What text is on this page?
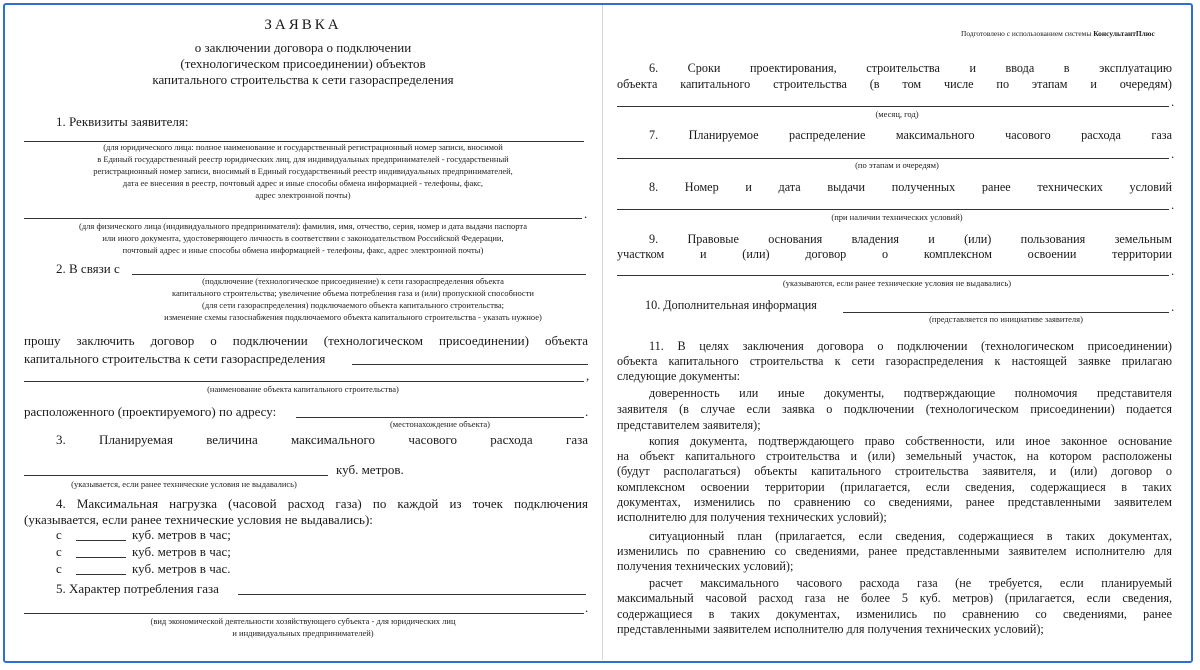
ЗАЯВКА
о заключении договора о подключении
(технологическом присоединении) объектов
капитального строительства к сети газораспределения
1. Реквизиты заявителя:
(для юридического лица: полное наименование и государственный регистрационный номер записи, вносимой
в Единый государственный реестр юридических лиц, для индивидуальных предпринимателей - государственный
регистрационный номер записи, вносимый в Единый государственный реестр индивидуальных предпринимателей,
дата ее внесения в реестр, почтовый адрес и иные способы обмена информацией - телефоны, факс,
адрес электронной почты)
.
(для физического лица (индивидуального предпринимателя): фамилия, имя, отчество, серия, номер и дата выдачи паспорта
или иного документа, удостоверяющего личность в соответствии с законодательством Российской Федерации,
почтовый адрес и иные способы обмена информацией - телефоны, факс, адрес электронной почты)
2. В связи с
(подключение (технологическое присоединение) к сети газораспределения объекта
капитального строительства; увеличение объема потребления газа и (или) пропускной способности
(для сети газораспределения) подключаемого объекта капитального строительства;
изменение схемы газоснабжения подключаемого объекта капитального строительства - указать нужное)
прошу заключить договор о подключении (технологическом присоединении) объекта
капитального строительства к сети газораспределения
,
(наименование объекта капитального строительства)
расположенного (проектируемого) по адресу:	.
(местонахождение объекта)
3. Планируемая величина максимального часового расхода газа
куб. метров.
(указывается, если ранее технические условия не выдавались)
4. Максимальная нагрузка (часовой расход газа) по каждой из точек подключения
(указывается, если ранее технические условия не выдавались):
с	куб. метров в час;
с	куб. метров в час;
с	куб. метров в час.
5. Характер потребления газа
.
(вид экономической деятельности хозяйствующего субъекта - для юридических лиц
и индивидуальных предпринимателей)
Подготовлено с использованием системы КонсультантПлюс
6. Сроки проектирования, строительства и ввода в эксплуатацию
объекта капитального строительства (в том числе по этапам и очередям)
.
(месяц, год)
7. Планируемое распределение максимального часового расхода газа
.
(по этапам и очередям)
8. Номер и дата выдачи полученных ранее технических условий
.
(при наличии технических условий)
9. Правовые основания владения и (или) пользования земельным
участком и (или) договор о комплексном освоении территории
.
(указываются, если ранее технические условия не выдавались)
10. Дополнительная информация	.
(представляется по инициативе заявителя)
11. В целях заключения договора о подключении (технологическом присоединении)
объекта капитального строительства к сети газораспределения к настоящей заявке прилагаю
следующие документы:
доверенность или иные документы, подтверждающие полномочия представителя
заявителя (в случае если заявка о подключении (технологическом присоединении) подается
представителем заявителя);
копия документа, подтверждающего право собственности, или иное законное основание
на объект капитального строительства и (или) земельный участок, на котором расположены
(будут располагаться) объекты капитального строительства заявителя, и (или) договор о
комплексном освоении территории (прилагается, если сведения, содержащиеся в таких
документах, изменились по сравнению со сведениями, ранее представленными заявителем
исполнителю для получения технических условий);
ситуационный план (прилагается, если сведения, содержащиеся в таких документах,
изменились по сравнению со сведениями, ранее представленными заявителем исполнителю для
получения технических условий);
расчет максимального часового расхода газа (не требуется, если планируемый
максимальный часовой расход газа не более 5 куб. метров) (прилагается, если сведения,
содержащиеся в таких документах, изменились по сравнению со сведениями, ранее
представленными заявителем исполнителю для получения технических условий);
